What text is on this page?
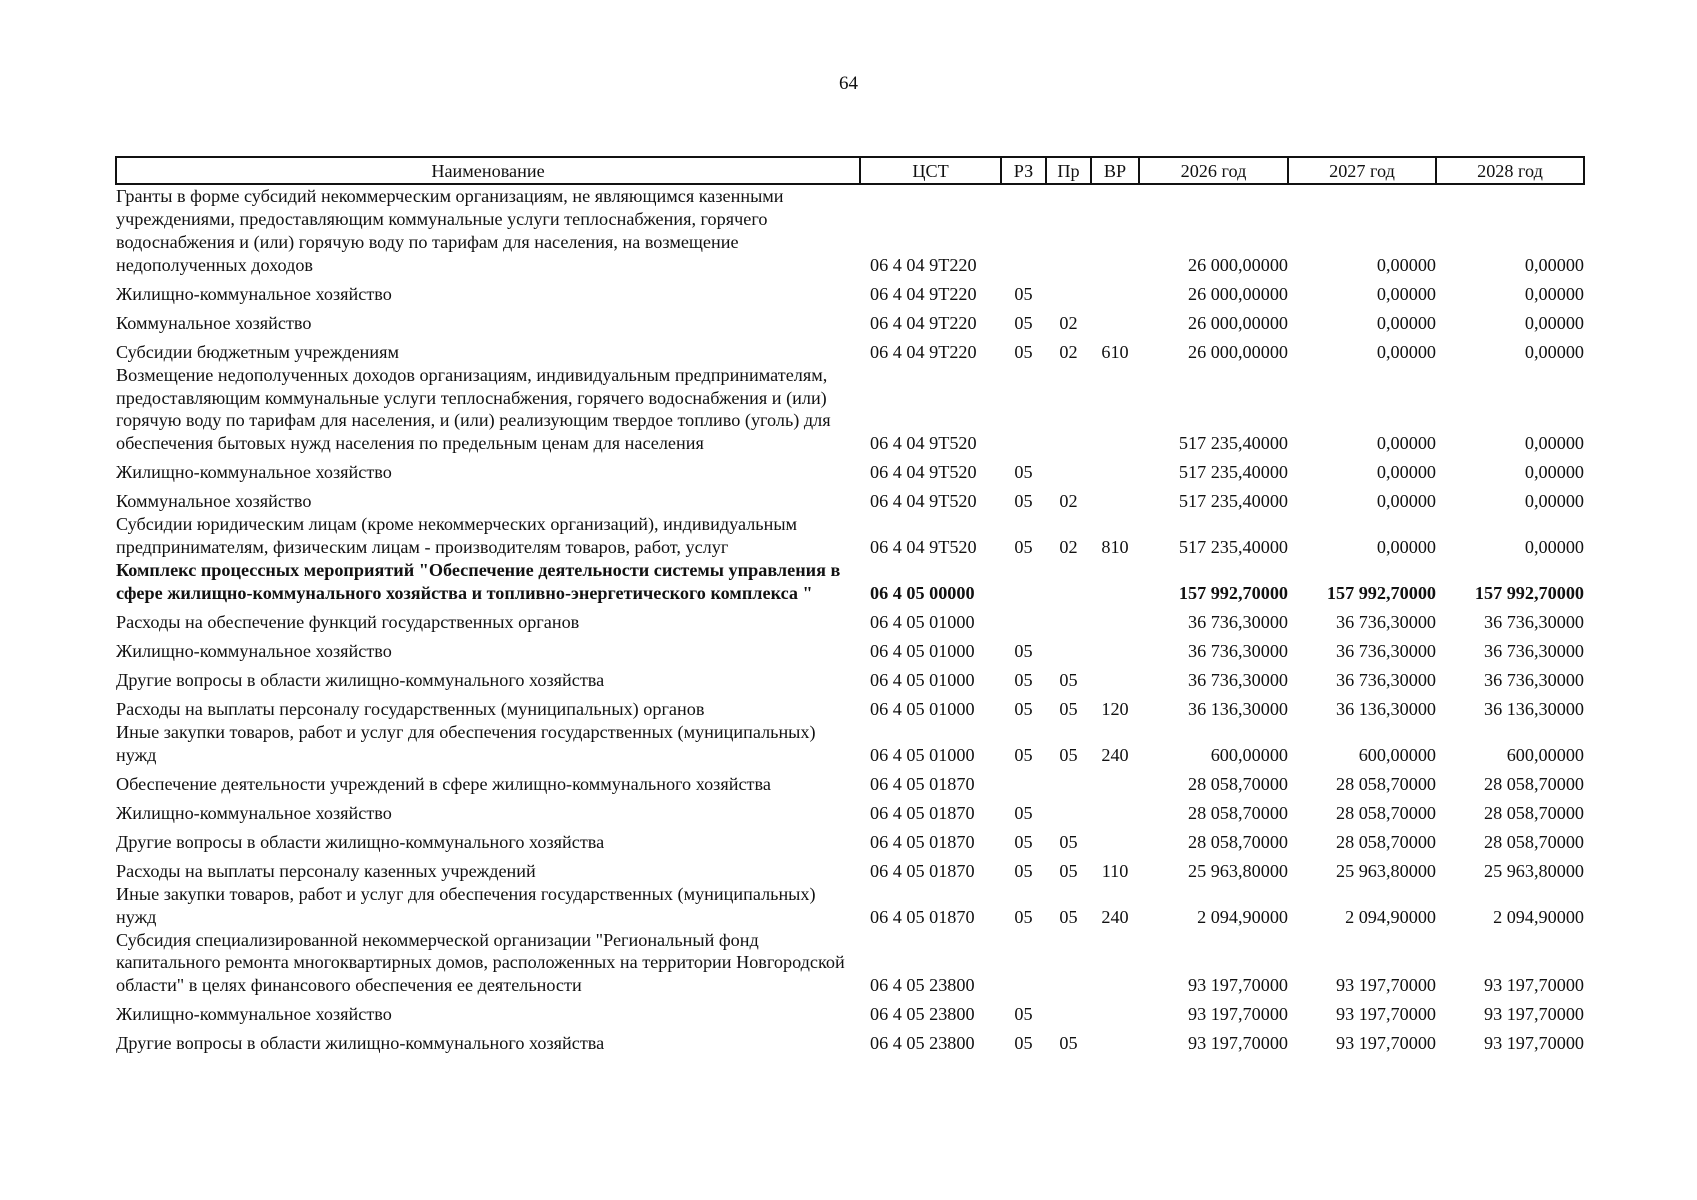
64
Наименование	ЦСТ	РЗ	Пр	ВР	2026 год	2027 год	2028 год
Гранты в форме субсидий некоммерческим организациям, не являющимся казенными учреждениями, предоставляющим коммунальные услуги теплоснабжения, горячего водоснабжения и (или) горячую воду по тарифам для населения, на возмещение недополученных доходов	06 4 04 9Т220				26 000,00000	0,00000	0,00000
Жилищно-коммунальное хозяйство	06 4 04 9Т220	05			26 000,00000	0,00000	0,00000
Коммунальное хозяйство	06 4 04 9Т220	05	02		26 000,00000	0,00000	0,00000
Субсидии бюджетным учреждениям	06 4 04 9Т220	05	02	610	26 000,00000	0,00000	0,00000
Возмещение недополученных доходов организациям, индивидуальным предпринимателям, предоставляющим коммунальные услуги теплоснабжения, горячего водоснабжения и (или) горячую воду по тарифам для населения, и (или) реализующим твердое топливо (уголь) для обеспечения бытовых нужд населения по предельным ценам для населения	06 4 04 9Т520				517 235,40000	0,00000	0,00000
Жилищно-коммунальное хозяйство	06 4 04 9Т520	05			517 235,40000	0,00000	0,00000
Коммунальное хозяйство	06 4 04 9Т520	05	02		517 235,40000	0,00000	0,00000
Субсидии юридическим лицам (кроме некоммерческих организаций), индивидуальным предпринимателям, физическим лицам - производителям товаров, работ, услуг	06 4 04 9Т520	05	02	810	517 235,40000	0,00000	0,00000
Комплекс процессных мероприятий "Обеспечение деятельности системы управления в сфере жилищно-коммунального хозяйства и топливно-энергетического комплекса "	06 4 05 00000				157 992,70000	157 992,70000	157 992,70000
Расходы на обеспечение функций государственных органов	06 4 05 01000				36 736,30000	36 736,30000	36 736,30000
Жилищно-коммунальное хозяйство	06 4 05 01000	05			36 736,30000	36 736,30000	36 736,30000
Другие вопросы в области жилищно-коммунального хозяйства	06 4 05 01000	05	05		36 736,30000	36 736,30000	36 736,30000
Расходы на выплаты персоналу государственных (муниципальных) органов	06 4 05 01000	05	05	120	36 136,30000	36 136,30000	36 136,30000
Иные закупки товаров, работ и услуг для обеспечения государственных (муниципальных) нужд	06 4 05 01000	05	05	240	600,00000	600,00000	600,00000
Обеспечение деятельности учреждений в сфере жилищно-коммунального хозяйства	06 4 05 01870				28 058,70000	28 058,70000	28 058,70000
Жилищно-коммунальное хозяйство	06 4 05 01870	05			28 058,70000	28 058,70000	28 058,70000
Другие вопросы в области жилищно-коммунального хозяйства	06 4 05 01870	05	05		28 058,70000	28 058,70000	28 058,70000
Расходы на выплаты персоналу казенных учреждений	06 4 05 01870	05	05	110	25 963,80000	25 963,80000	25 963,80000
Иные закупки товаров, работ и услуг для обеспечения государственных (муниципальных) нужд	06 4 05 01870	05	05	240	2 094,90000	2 094,90000	2 094,90000
Субсидия специализированной некоммерческой организации "Региональный фонд капитального ремонта многоквартирных домов, расположенных на территории Новгородской области" в целях финансового обеспечения ее деятельности	06 4 05 23800				93 197,70000	93 197,70000	93 197,70000
Жилищно-коммунальное хозяйство	06 4 05 23800	05			93 197,70000	93 197,70000	93 197,70000
Другие вопросы в области жилищно-коммунального хозяйства	06 4 05 23800	05	05		93 197,70000	93 197,70000	93 197,70000
